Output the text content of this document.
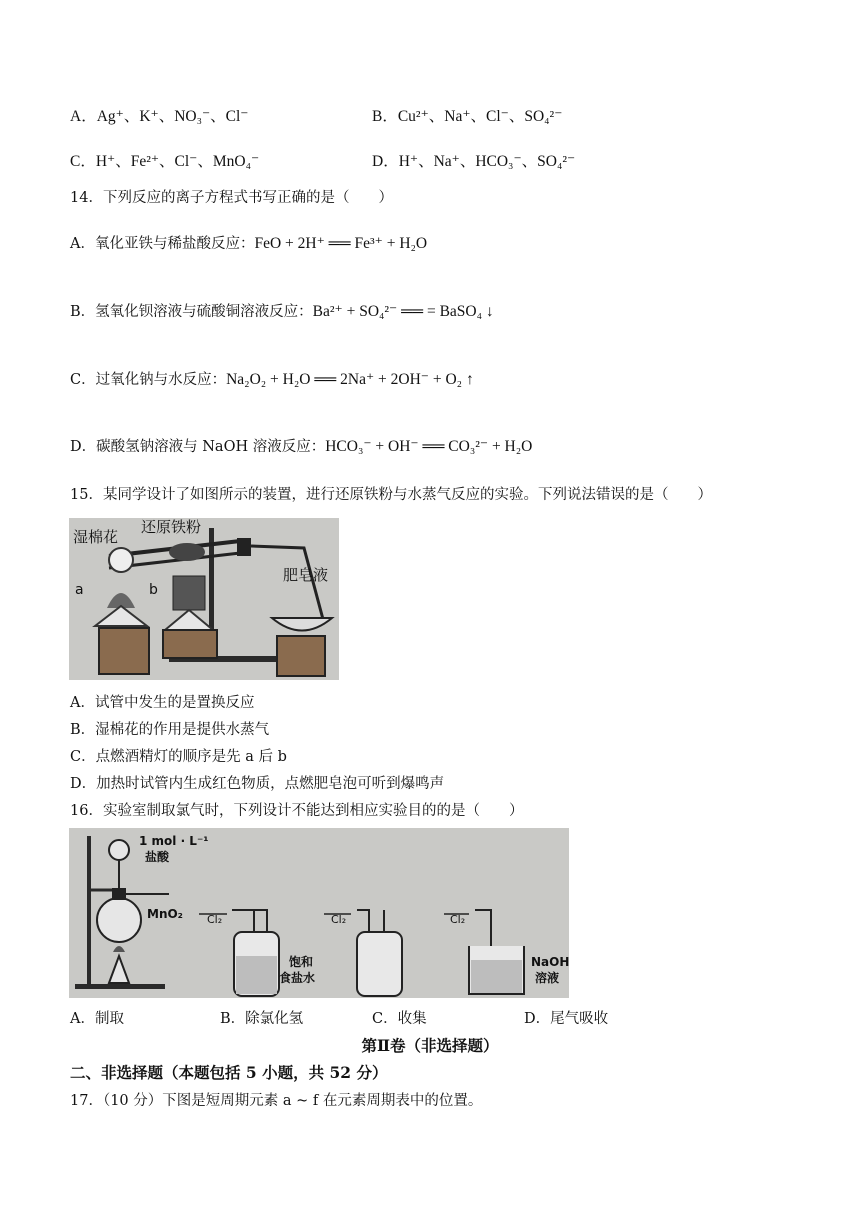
A．Ag⁺、K⁺、NO₃⁻、Cl⁻	B．Cu²⁺、Na⁺、Cl⁻、SO₄²⁻
C．H⁺、Fe²⁺、Cl⁻、MnO₄⁻	D．H⁺、Na⁺、HCO₃⁻、SO₄²⁻
14．下列反应的离子方程式书写正确的是（　　）
A．氧化亚铁与稀盐酸反应：FeO + 2H⁺ ══ Fe³⁺ + H₂O
B．氢氧化钡溶液与硫酸铜溶液反应：Ba²⁺ + SO₄²⁻ ══ = BaSO₄ ↓
C．过氧化钠与水反应：Na₂O₂ + H₂O ══ 2Na⁺ + 2OH⁻ + O₂ ↑
D．碳酸氢钠溶液与 NaOH 溶液反应：HCO₃⁻ + OH⁻ ══ CO₃²⁻ + H₂O
15．某同学设计了如图所示的装置，进行还原铁粉与水蒸气反应的实验。下列说法错误的是（　　）
湿棉花
还原铁粉
肥皂液
a	b
A．试管中发生的是置换反应
B．湿棉花的作用是提供水蒸气
C．点燃酒精灯的顺序是先 a 后 b
D．加热时试管内生成红色物质，点燃肥皂泡可听到爆鸣声
16．实验室制取氯气时，下列设计不能达到相应实验目的的是（　　）
1 mol · L⁻¹
盐酸
MnO₂ Cl₂
饱和
食盐水
Cl₂	Cl₂
NaOH
溶液
A．制取	B．除氯化氢	C．收集	D．尾气吸收
第Ⅱ卷（非选择题）
二、非选择题（本题包括 5 小题，共 52 分）
17．（10 分）下图是短周期元素 a ~ f 在元素周期表中的位置。
